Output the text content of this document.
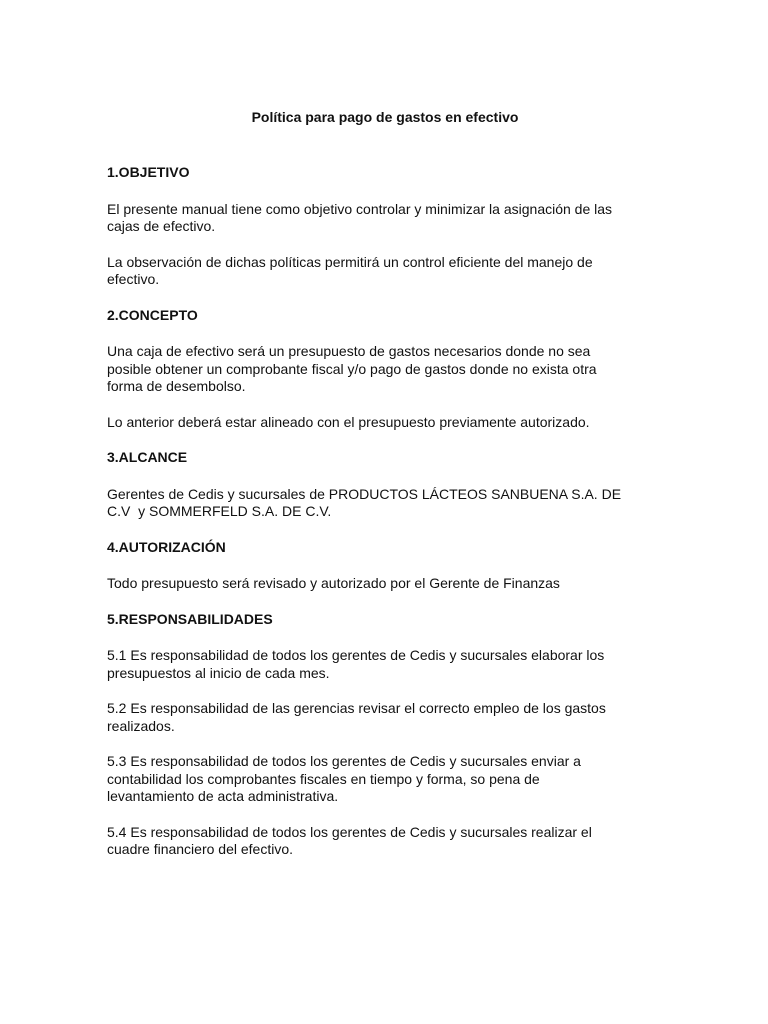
Política para pago de gastos en efectivo
1.OBJETIVO

El presente manual tiene como objetivo controlar y minimizar la asignación de las
cajas de efectivo.

La observación de dichas políticas permitirá un control eficiente del manejo de
efectivo.

2.CONCEPTO

Una caja de efectivo será un presupuesto de gastos necesarios donde no sea
posible obtener un comprobante fiscal y/o pago de gastos donde no exista otra
forma de desembolso.

Lo anterior deberá estar alineado con el presupuesto previamente autorizado.

3.ALCANCE

Gerentes de Cedis y sucursales de PRODUCTOS LÁCTEOS SANBUENA S.A. DE
C.V  y SOMMERFELD S.A. DE C.V.

4.AUTORIZACIÓN

Todo presupuesto será revisado y autorizado por el Gerente de Finanzas

5.RESPONSABILIDADES

5.1 Es responsabilidad de todos los gerentes de Cedis y sucursales elaborar los
presupuestos al inicio de cada mes.

5.2 Es responsabilidad de las gerencias revisar el correcto empleo de los gastos
realizados.

5.3 Es responsabilidad de todos los gerentes de Cedis y sucursales enviar a
contabilidad los comprobantes fiscales en tiempo y forma, so pena de
levantamiento de acta administrativa.

5.4 Es responsabilidad de todos los gerentes de Cedis y sucursales realizar el
cuadre financiero del efectivo.
